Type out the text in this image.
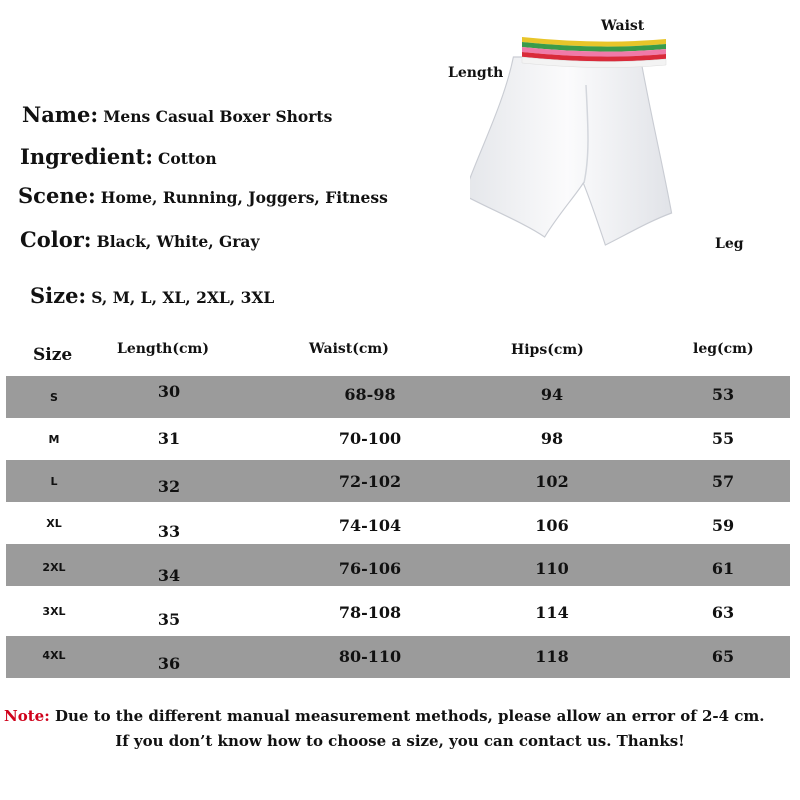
Name: Mens Casual Boxer Shorts
Ingredient: Cotton
Scene: Home, Running, Joggers, Fitness
Color: Black, White, Gray
Size: S, M, L, XL, 2XL, 3XL
Waist
Length
Leg
Size	Length(cm)	Waist(cm)	Hips(cm)	leg(cm)
S	30	68-98	94	53
M	31	70-100	98	55
L	32	72-102	102	57
XL	33	74-104	106	59
2XL	34	76-106	110	61
3XL	35	78-108	114	63
4XL	36	80-110	118	65
Note: Due to the different manual measurement methods, please allow an error of 2-4 cm.
If you don’t know how to choose a size, you can contact us. Thanks!
